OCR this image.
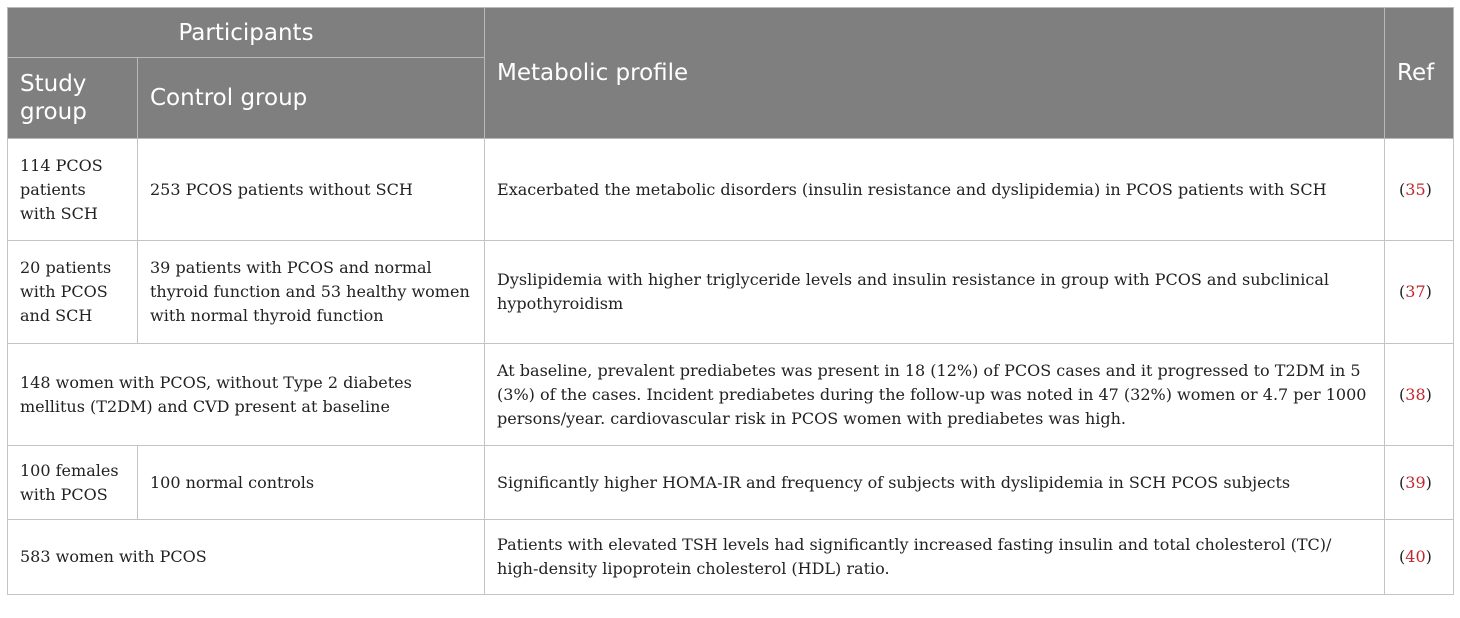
Participants		Metabolic profile	Ref
Study group	Control group		
114 PCOS patients with SCH	253 PCOS patients without SCH	Exacerbated the metabolic disorders (insulin resistance and dyslipidemia) in PCOS patients with SCH	(35)
20 patients with PCOS and SCH	39 patients with PCOS and normal thyroid function and 53 healthy women with normal thyroid function	Dyslipidemia with higher triglyceride levels and insulin resistance in group with PCOS and subclinical hypothyroidism	(37)
148 women with PCOS, without Type 2 diabetes mellitus (T2DM) and CVD present at baseline		At baseline, prevalent prediabetes was present in 18 (12%) of PCOS cases and it progressed to T2DM in 5 (3%) of the cases. Incident prediabetes during the follow-up was noted in 47 (32%) women or 4.7 per 1000 persons/year. cardiovascular risk in PCOS women with prediabetes was high.	(38)
100 females with PCOS	100 normal controls	Significantly higher HOMA-IR and frequency of subjects with dyslipidemia in SCH PCOS subjects	(39)
583 women with PCOS		Patients with elevated TSH levels had significantly increased fasting insulin and total cholesterol (TC)/ high-density lipoprotein cholesterol (HDL) ratio.	(40)
